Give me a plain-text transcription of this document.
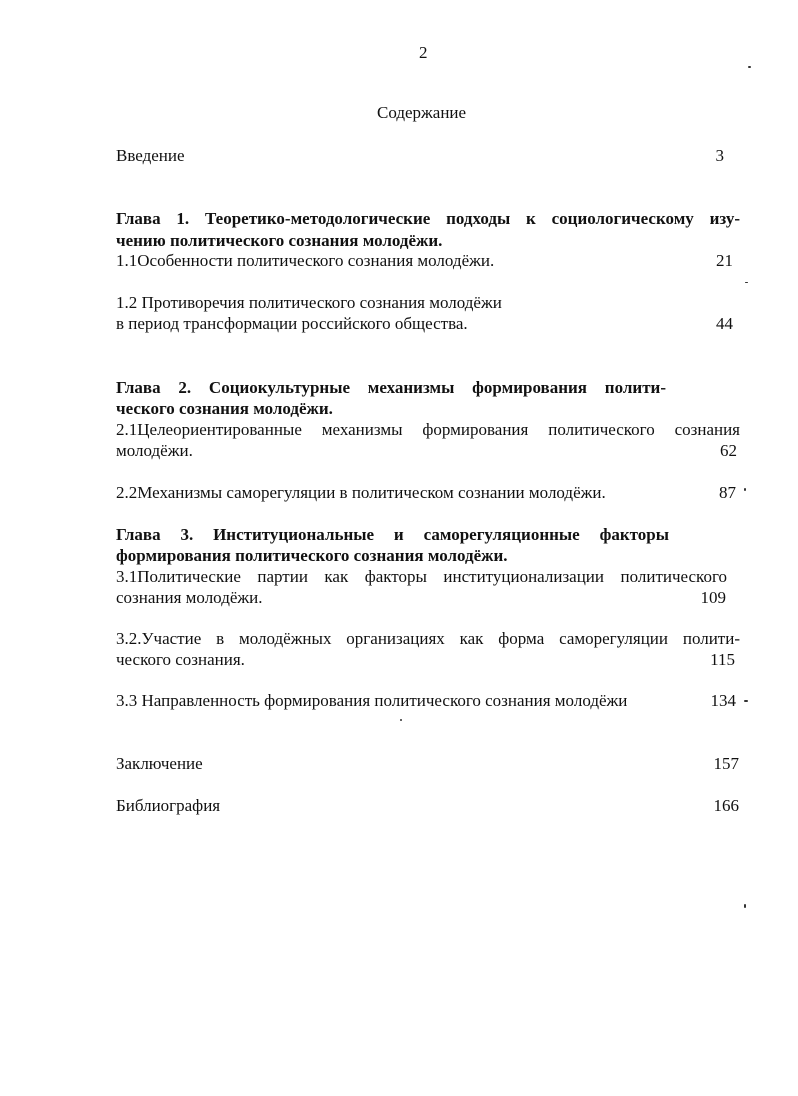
2
Содержание
Введение	3
Глава 1. Теоретико-методологические подходы к социологическому изу-
чению политического сознания молодёжи.
1.1Особенности политического сознания молодёжи.	21
1.2 Противоречия политического сознания молодёжи
в период трансформации российского общества.	44
Глава 2. Социокультурные механизмы формирования полити-
ческого сознания молодёжи.
2.1Целеориентированные механизмы формирования политического сознания
молодёжи.	62
2.2Механизмы саморегуляции в политическом сознании молодёжи.	87
Глава 3. Институциональные и саморегуляционные факторы
формирования политического сознания молодёжи.
3.1Политические партии как факторы институционализации политического
сознания молодёжи.	109
3.2.Участие в молодёжных организациях как форма саморегуляции полити-
ческого сознания.	115
3.3 Направленность формирования политического сознания молодёжи	134
Заключение	157
Библиография	166
